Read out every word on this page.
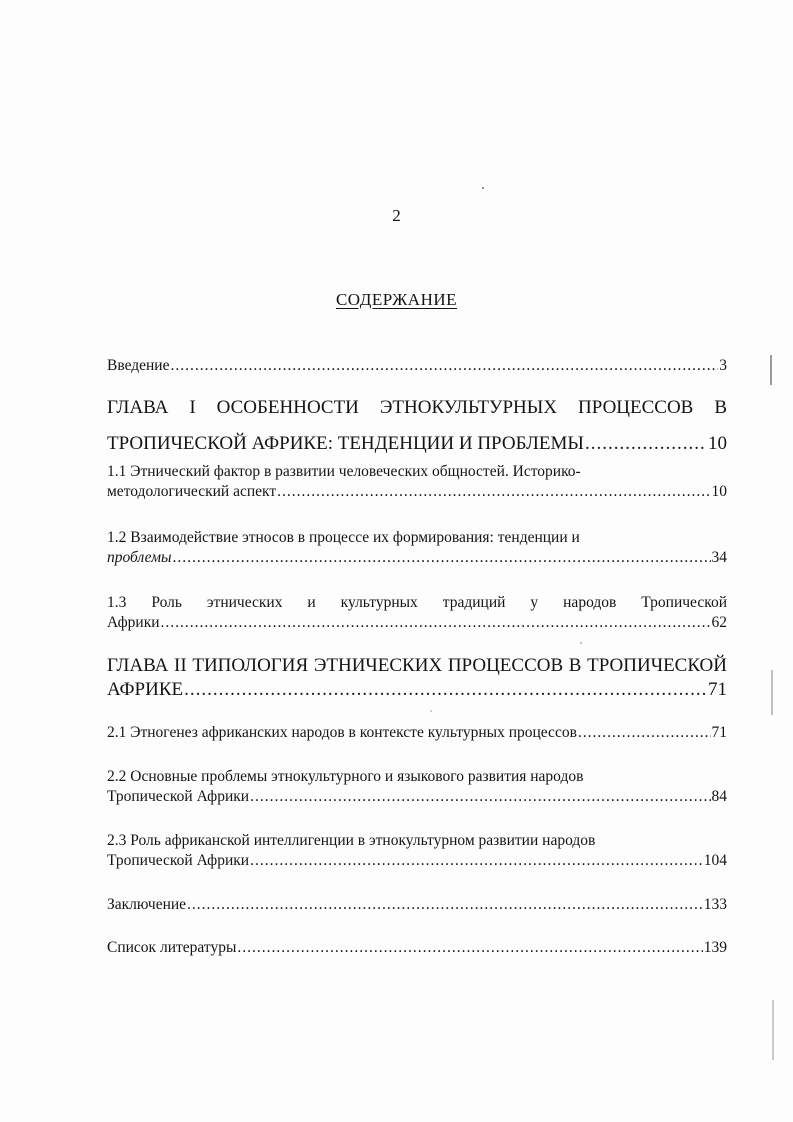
2
СОДЕРЖАНИЕ
Введение .....	3
ГЛАВА I ОСОБЕННОСТИ ЭТНОКУЛЬТУРНЫХ ПРОЦЕССОВ В
ТРОПИЧЕСКОЙ АФРИКЕ: ТЕНДЕНЦИИ И ПРОБЛЕМЫ .....	10
1.1 Этнический фактор в развитии человеческих общностей. Историко-
методологический аспект .....	10
1.2 Взаимодействие этносов в процессе их формирования: тенденции и
проблемы .....	34
1.3 Роль этнических и культурных традиций у народов Тропической
Африки .....	62
ГЛАВА II ТИПОЛОГИЯ ЭТНИЧЕСКИХ ПРОЦЕССОВ В ТРОПИЧЕСКОЙ
АФРИКЕ .....	71
2.1 Этногенез африканских народов в контексте культурных процессов .....	71
2.2 Основные проблемы этнокультурного и языкового развития народов
Тропической Африки .....	84
2.3 Роль африканской интеллигенции в этнокультурном развитии народов
Тропической Африки .....	104
Заключение .....	133
Список литературы .....	139
